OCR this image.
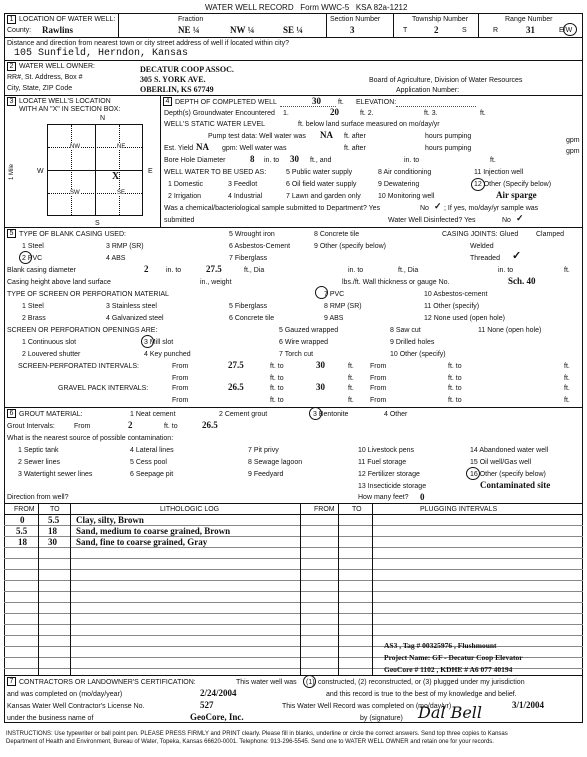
WATER WELL RECORD Form WWC-5 KSA 82a-1212
1 LOCATION OF WATER WELL:
County: Rawlins
Fraction
NE ¼	NW ¼	SE ¼
Section Number
3
Township Number
T	2	S
Range Number
R	31	E/W
Distance and direction from nearest town or city street address of well if located within city?
105 Sunfield, Herndon, Kansas
2 WATER WELL OWNER:
RR#, St. Address, Box #
City, State, ZIP Code
DECATUR COOP ASSOC.
305 S. YORK AVE.
OBERLIN, KS 67749
Board of Agriculture, Division of Water Resources
Application Number:
3 LOCATE WELL'S LOCATION
WITH AN "X" IN SECTION BOX:
N
W	E
S
1 Mile
NW	NE
SW	SE
X
4 DEPTH OF COMPLETED WELL	30 ft. ELEVATION:
Depth(s) Groundwater Encountered 1.	20	ft. 2.	ft. 3.	ft.
WELL'S STATIC WATER LEVEL	ft. below land surface measured on mo/day/yr
Pump test data: Well water was NA ft. after	hours pumping
gpm
Est. Yield NA gpm: Well water was	ft. after	hours pumping	gpm
Bore Hole Diameter	8 in. to 30 ft., and	in. to	ft.
WELL WATER TO BE USED AS:	5 Public water supply	8 Air conditioning	11 Injection well
1 Domestic	3 Feedlot	6 Oil field water supply	9 Dewatering	12 Other (Specify below)
2 Irrigation	4 Industrial	7 Lawn and garden only 10 Monitoring well	Air sparge
Was a chemical/bacteriological sample submitted to Department? Yes	No ✓ ; If yes, mo/day/yr sample was
submitted	Water Well Disinfected? Yes	No ✓
5 TYPE OF BLANK CASING USED:	5 Wrought iron	8 Concrete tile	CASING JOINTS: Glued	Clamped
1 Steel	3 RMP (SR)	6 Asbestos-Cement	9 Other (specify below)	Welded
2 PVC	4 ABS	7 Fiberglass	Threaded ✓
Blank casing diameter	2	in. to	27.5	ft., Dia	in. to	ft., Dia	in. to	ft.
Casing height above land surface	in., weight	lbs./ft. Wall thickness or gauge No.	Sch. 40
TYPE OF SCREEN OR PERFORATION MATERIAL	7 PVC	10 Asbestos-cement
1 Steel	3 Stainless steel	5 Fiberglass	8 RMP (SR)	11 Other (specify)
2 Brass	4 Galvanized steel	6 Concrete tile	9 ABS	12 None used (open hole)
SCREEN OR PERFORATION OPENINGS ARE:	5 Gauzed wrapped	8 Saw cut	11 None (open hole)
1 Continuous slot	3 Mill slot	6 Wire wrapped	9 Drilled holes
2 Louvered shutter	4 Key punched	7 Torch cut	10 Other (specify)
SCREEN-PERFORATED INTERVALS:	From	27.5	ft. to	30	ft. From	ft. to	ft.
From	ft. to	ft. From	ft. to	ft.
GRAVEL PACK INTERVALS:	From	26.5	ft. to	30	ft. From	ft. to	ft.
From	ft. to	ft. From	ft. to	ft.
6 GROUT MATERIAL:	1 Neat cement	2 Cement grout	3 Bentonite	4 Other
Grout Intervals:	From	2	ft. to	26.5
What is the nearest source of possible contamination:
1 Septic tank	4 Lateral lines	7 Pit privy	10 Livestock pens	14 Abandoned water well
2 Sewer lines	5 Cess pool	8 Sewage lagoon	11 Fuel storage	15 Oil well/Gas well
3 Watertight sewer lines	6 Seepage pit	9 Feedyard	12 Fertilizer storage	16 Other (specify below)
13 Insecticide storage	Contaminated site
Direction from well?	How many feet? 0
FROM TO	LITHOLOGIC LOG	FROM TO	PLUGGING INTERVALS
0	5.5 Clay, silty, Brown
5.5 18 Sand, medium to coarse grained, Brown
18 30 Sand, fine to coarse grained, Gray
AS3 , Tag # 00325976 , Flushmount
Project Name: GF - Decatur Coop Elevator
GeoCore # 1102 , KDHE # A6 077 40194
7 CONTRACTORS OR LANDOWNER'S CERTIFICATION:	This water well was (1) constructed, (2) reconstructed, or (3) plugged under my jurisdiction
and was completed on (mo/day/year)	2/24/2004	and this record is true to the best of my knowledge and belief.
Kansas Water Well Contractor's License No.	527	This Water Well Record was completed on (mo/day/yr)	3/1/2004
under the business name of	GeoCore, Inc.	by (signature) Dal Bell
INSTRUCTIONS: Use typewriter or ball point pen. PLEASE PRESS FIRMLY and PRINT clearly. Please fill in blanks, underline or circle the correct answers. Send top three copies to Kansas
Department of Health and Environment, Bureau of Water, Topeka, Kansas 66620-0001. Telephone: 913-296-5545. Send one to WATER WELL OWNER and retain one for your records.
